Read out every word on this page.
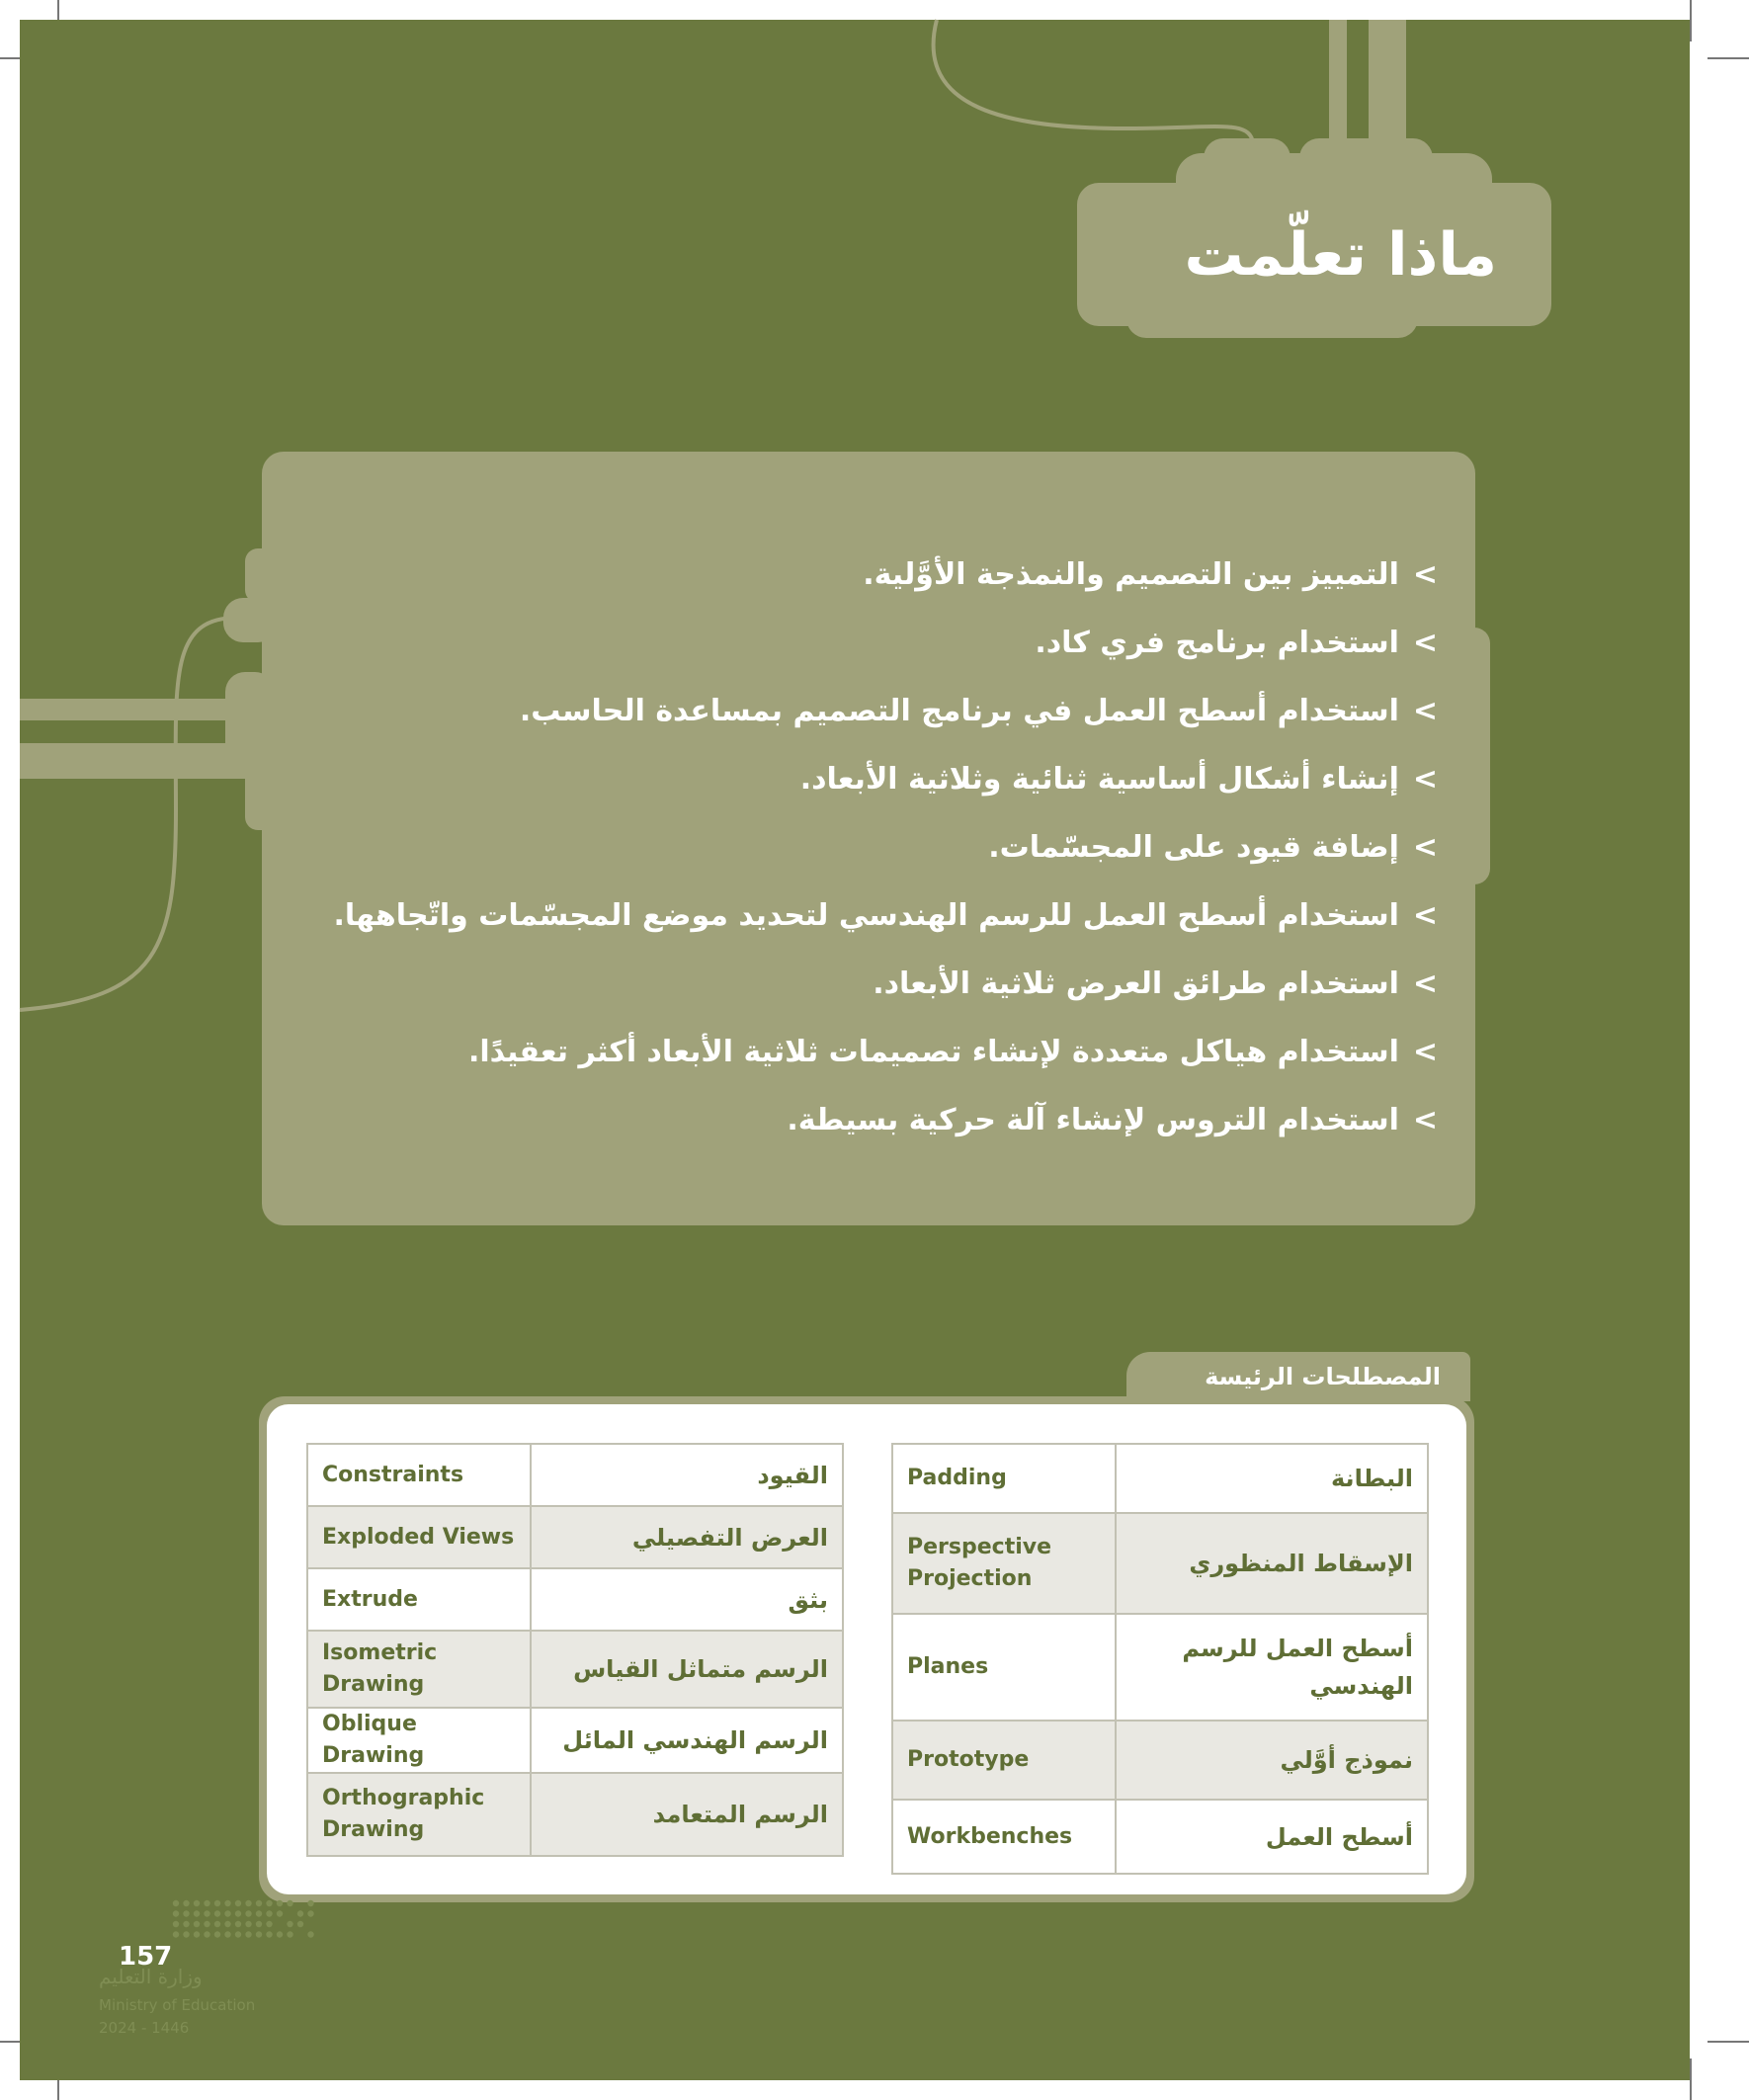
ماذا تعلّمت
>
التمييز بين التصميم والنمذجة الأوَّلية.
>
استخدام برنامج فري كاد.
>
استخدام أسطح العمل في برنامج التصميم بمساعدة الحاسب.
>
إنشاء أشكال أساسية ثنائية وثلاثية الأبعاد.
>
إضافة قيود على المجسّمات.
>
استخدام أسطح العمل للرسم الهندسي لتحديد موضع المجسّمات واتّجاهها.
>
استخدام طرائق العرض ثلاثية الأبعاد.
>
استخدام هياكل متعددة لإنشاء تصميمات ثلاثية الأبعاد أكثر تعقيدًا.
>
استخدام التروس لإنشاء آلة حركية بسيطة.
المصطلحات الرئيسة
Constraints	القيود
Exploded Views	العرض التفصيلي
Extrude	بثق
Isometric Drawing	الرسم متماثل القياس
Oblique Drawing	الرسم الهندسي المائل
Orthographic Drawing	الرسم المتعامد
Padding	البطانة
Perspective Projection	الإسقاط المنظوري
Planes	أسطح العمل للرسم الهندسي
Prototype	نموذج أوَّلي
Workbenches	أسطح العمل
157
وزارة التعليم
Ministry of Education
2024 - 1446
